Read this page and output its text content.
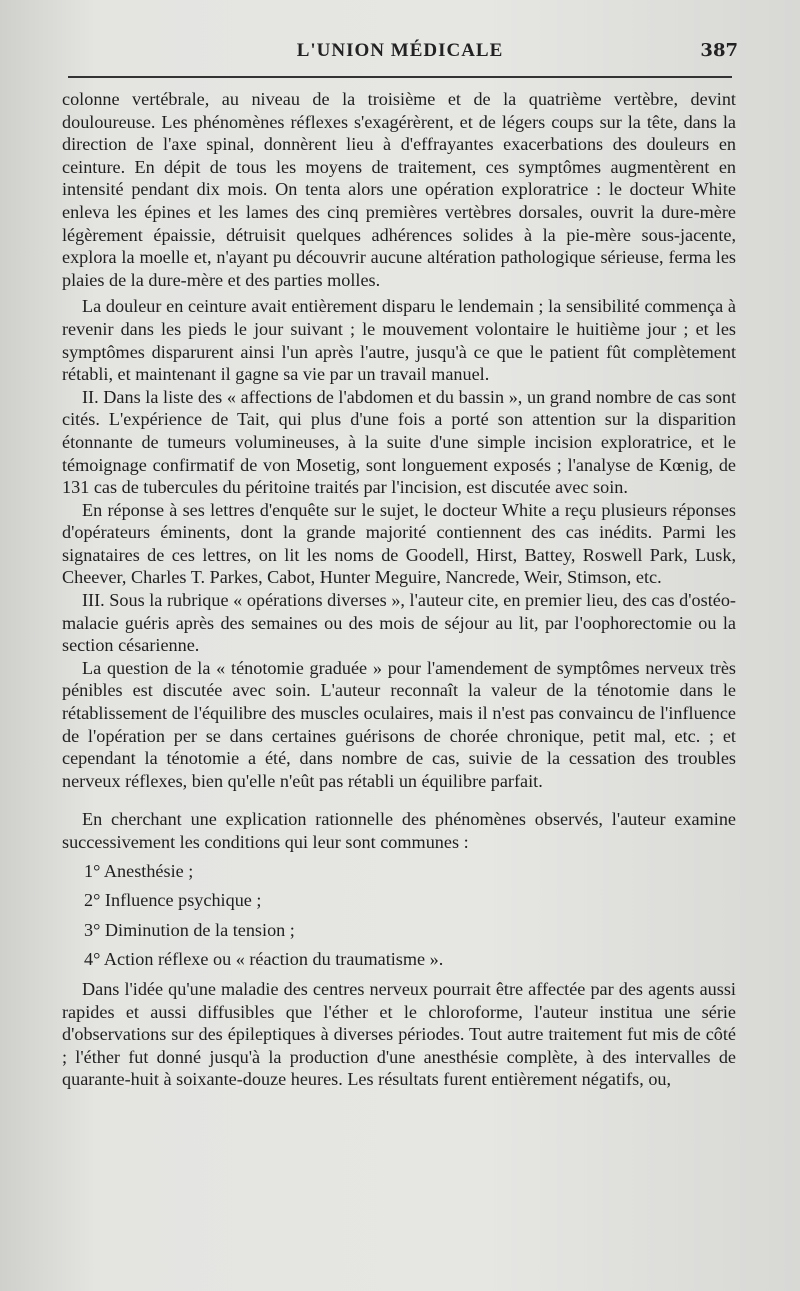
L'UNION MÉDICALE	387

colonne vertébrale, au niveau de la troisième et de la quatrième vertèbre, devint douloureuse. Les phénomènes réflexes s'exagérèrent, et de légers coups sur la tête, dans la direction de l'axe spinal, donnèrent lieu à d'effrayantes exacerbations des douleurs en ceinture. En dépit de tous les moyens de traitement, ces symptômes augmentèrent en intensité pendant dix mois. On tenta alors une opération exploratrice : le docteur White enleva les épines et les lames des cinq premières vertèbres dorsales, ouvrit la dure-mère légèrement épaissie, détruisit quelques adhérences solides à la pie-mère sous-jacente, explora la moelle et, n'ayant pu découvrir aucune altération pathologique sérieuse, ferma les plaies de la dure-mère et des parties molles.

La douleur en ceinture avait entièrement disparu le lendemain ; la sensibilité commença à revenir dans les pieds le jour suivant ; le mouvement volontaire le huitième jour ; et les symptômes disparurent ainsi l'un après l'autre, jusqu'à ce que le patient fût complètement rétabli, et maintenant il gagne sa vie par un travail manuel.

II. Dans la liste des « affections de l'abdomen et du bassin », un grand nombre de cas sont cités. L'expérience de Tait, qui plus d'une fois a porté son attention sur la disparition étonnante de tumeurs volumineuses, à la suite d'une simple incision exploratrice, et le témoignage confirmatif de von Mosetig, sont longuement exposés ; l'analyse de Kœnig, de 131 cas de tubercules du péritoine traités par l'incision, est discutée avec soin.

En réponse à ses lettres d'enquête sur le sujet, le docteur White a reçu plusieurs réponses d'opérateurs éminents, dont la grande majorité contiennent des cas inédits. Parmi les signataires de ces lettres, on lit les noms de Goodell, Hirst, Battey, Roswell Park, Lusk, Cheever, Charles T. Parkes, Cabot, Hunter Meguire, Nancrede, Weir, Stimson, etc.

III. Sous la rubrique « opérations diverses », l'auteur cite, en premier lieu, des cas d'ostéo-malacie guéris après des semaines ou des mois de séjour au lit, par l'oophorectomie ou la section césarienne.

La question de la « ténotomie graduée » pour l'amendement de symptômes nerveux très pénibles est discutée avec soin. L'auteur reconnaît la valeur de la ténotomie dans le rétablissement de l'équilibre des muscles oculaires, mais il n'est pas convaincu de l'influence de l'opération per se dans certaines guérisons de chorée chronique, petit mal, etc. ; et cependant la ténotomie a été, dans nombre de cas, suivie de la cessation des troubles nerveux réflexes, bien qu'elle n'eût pas rétabli un équilibre parfait.

En cherchant une explication rationnelle des phénomènes observés, l'auteur examine successivement les conditions qui leur sont communes :

1° Anesthésie ;
2° Influence psychique ;
3° Diminution de la tension ;
4° Action réflexe ou « réaction du traumatisme ».

Dans l'idée qu'une maladie des centres nerveux pourrait être affectée par des agents aussi rapides et aussi diffusibles que l'éther et le chloroforme, l'auteur institua une série d'observations sur des épileptiques à diverses périodes. Tout autre traitement fut mis de côté ; l'éther fut donné jusqu'à la production d'une anesthésie complète, à des intervalles de quarante-huit à soixante-douze heures. Les résultats furent entièrement négatifs, ou,
